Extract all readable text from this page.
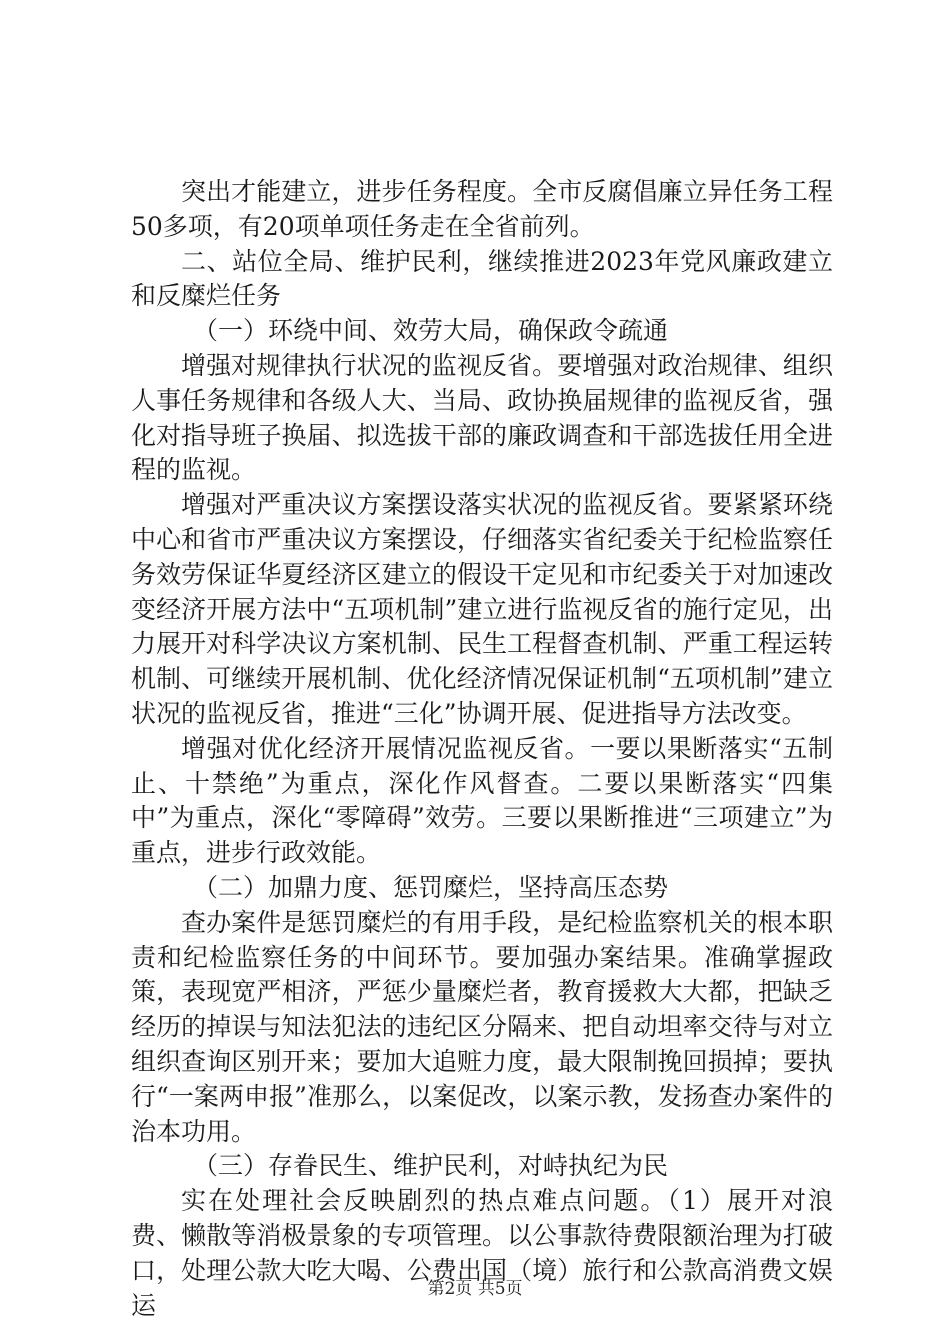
突出才能建立，进步任务程度。全市反腐倡廉立异任务工程50多项，有20项单项任务走在全省前列。

二、站位全局、维护民利，继续推进2023年党风廉政建立和反糜烂任务

（一）环绕中间、效劳大局，确保政令疏通

增强对规律执行状况的监视反省。要增强对政治规律、组织人事任务规律和各级人大、当局、政协换届规律的监视反省，强化对指导班子换届、拟选拔干部的廉政调查和干部选拔任用全进程的监视。

增强对严重决议方案摆设落实状况的监视反省。要紧紧环绕中心和省市严重决议方案摆设，仔细落实省纪委关于纪检监察任务效劳保证华夏经济区建立的假设干定见和市纪委关于对加速改变经济开展方法中“五项机制”建立进行监视反省的施行定见，出力展开对科学决议方案机制、民生工程督查机制、严重工程运转机制、可继续开展机制、优化经济情况保证机制“五项机制”建立状况的监视反省，推进“三化”协调开展、促进指导方法改变。

增强对优化经济开展情况监视反省。一要以果断落实“五制止、十禁绝”为重点，深化作风督查。二要以果断落实“四集中”为重点，深化“零障碍”效劳。三要以果断推进“三项建立”为重点，进步行政效能。

（二）加鼎力度、惩罚糜烂，坚持高压态势

查办案件是惩罚糜烂的有用手段，是纪检监察机关的根本职责和纪检监察任务的中间环节。要加强办案结果。准确掌握政策，表现宽严相济，严惩少量糜烂者，教育援救大大都，把缺乏经历的掉误与知法犯法的违纪区分隔来、把自动坦率交待与对立组织查询区别开来；要加大追赃力度，最大限制挽回损掉；要执行“一案两申报”准那么，以案促改，以案示教，发扬查办案件的治本功用。

（三）存眷民生、维护民利，对峙执纪为民

实在处理社会反映剧烈的热点难点问题。（1）展开对浪费、懒散等消极景象的专项管理。以公事款待费限额治理为打破口，处理公款大吃大喝、公费出国（境）旅行和公款高消费文娱运

第2页 共5页
